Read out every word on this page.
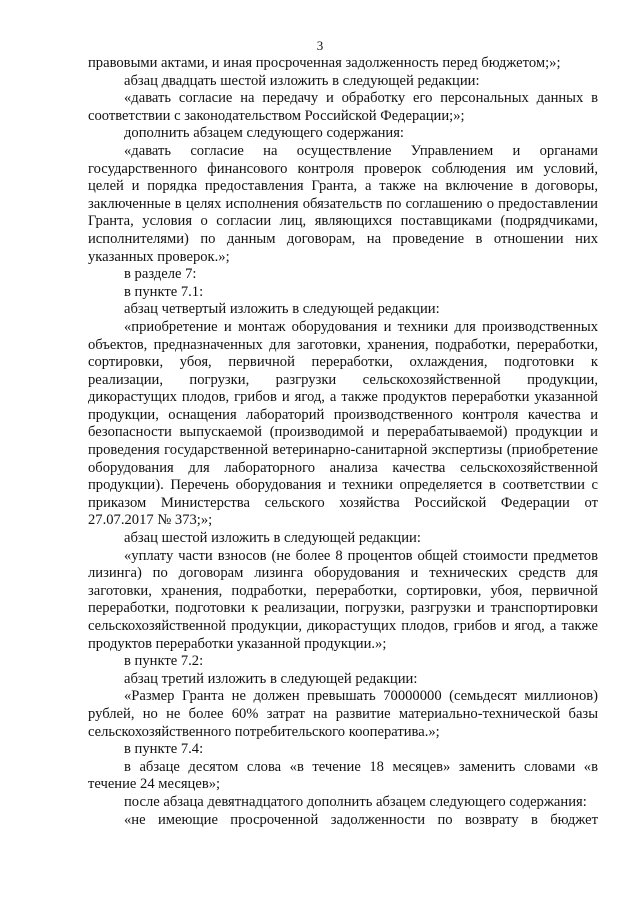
3

правовыми актами, и иная просроченная задолженность перед бюджетом;»;

абзац двадцать шестой изложить в следующей редакции:

«давать согласие на передачу и обработку его персональных данных в соответствии с законодательством Российской Федерации;»;

дополнить абзацем следующего содержания:

«давать согласие на осуществление Управлением и органами государственного финансового контроля проверок соблюдения им условий, целей и порядка предоставления Гранта, а также на включение в договоры, заключенные в целях исполнения обязательств по соглашению о предоставлении Гранта, условия о согласии лиц, являющихся поставщиками (подрядчиками, исполнителями) по данным договорам, на проведение в отношении них указанных проверок.»;

в разделе 7:

в пункте 7.1:

абзац четвертый изложить в следующей редакции:

«приобретение и монтаж оборудования и техники для производственных объектов, предназначенных для заготовки, хранения, подработки, переработки, сортировки, убоя, первичной переработки, охлаждения, подготовки к реализации, погрузки, разгрузки сельскохозяйственной продукции, дикорастущих плодов, грибов и ягод, а также продуктов переработки указанной продукции, оснащения лабораторий производственного контроля качества и безопасности выпускаемой (производимой и перерабатываемой) продукции и проведения государственной ветеринарно-санитарной экспертизы (приобретение оборудования для лабораторного анализа качества сельскохозяйственной продукции). Перечень оборудования и техники определяется в соответствии с приказом Министерства сельского хозяйства Российской Федерации от 27.07.2017 № 373;»;

абзац шестой изложить в следующей редакции:

«уплату части взносов (не более 8 процентов общей стоимости предметов лизинга) по договорам лизинга оборудования и технических средств для заготовки, хранения, подработки, переработки, сортировки, убоя, первичной переработки, подготовки к реализации, погрузки, разгрузки и транспортировки сельскохозяйственной продукции, дикорастущих плодов, грибов и ягод, а также продуктов переработки указанной продукции.»;

в пункте 7.2:

абзац третий изложить в следующей редакции:

«Размер Гранта не должен превышать 70000000 (семьдесят миллионов) рублей, но не более 60% затрат на развитие материально-технической базы сельскохозяйственного потребительского кооператива.»;

в пункте 7.4:

в абзаце десятом слова «в течение 18 месяцев» заменить словами «в течение 24 месяцев»;

после абзаца девятнадцатого дополнить абзацем следующего содержания:

«не имеющие просроченной задолженности по возврату в бюджет
